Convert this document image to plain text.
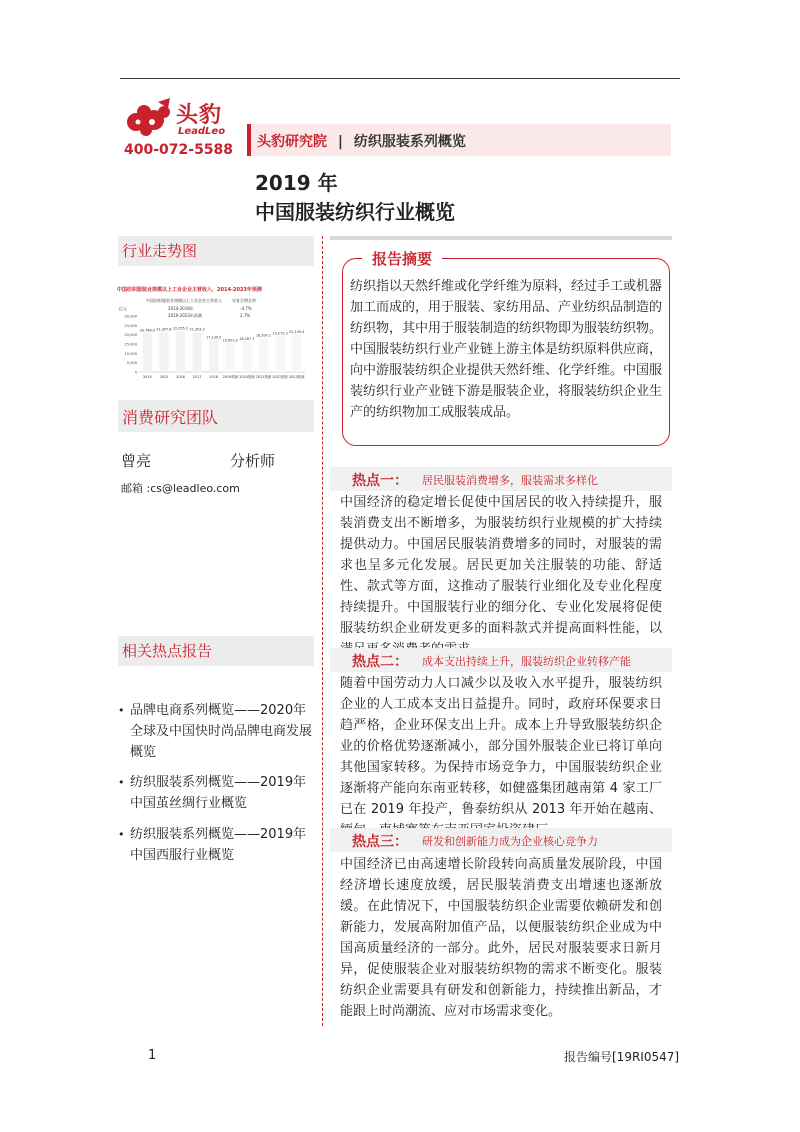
头豹
LeadLeo
400-072-5588 头豹研究院 | 纺织服装系列概览
2019 年
中国服装纺织行业概览
行业走势图
中国纺织服装业规模以上工业企业主营收入，2014-2023年预测
中国纺织服装业规模以上工业企业主营收入	年复合增长率
2014-2018年
2019-2023年预测
-4.7%
2.7%
亿元
30,000
25,000
20,000
15,000
10,000
5,000
0
20,768.9
2014
21,307.6
2015
22,055.2
2016
21,303.3
2017
17,139.9
2018
15,601.0
2019预测
16,267.7
2020预测
18,200.1
2021预测
19,272.3
2022预测
20,149.4
2023预测
消费研究团队
曾亮	分析师
邮箱 :cs@leadleo.com
相关热点报告
• 品牌电商系列概览——2020年全球及中国快时尚品牌电商发展概览
• 纺织服装系列概览——2019年中国茧丝绸行业概览
• 纺织服装系列概览——2019年中国西服行业概览
报告摘要
纺织指以天然纤维或化学纤维为原料，经过手工或机器加工而成的，用于服装、家纺用品、产业纺织品制造的纺织物，其中用于服装制造的纺织物即为服装纺织物。中国服装纺织行业产业链上游主体是纺织原料供应商，向中游服装纺织企业提供天然纤维、化学纤维。中国服装纺织行业产业链下游是服装企业，将服装纺织企业生产的纺织物加工成服装成品。
热点一： 居民服装消费增多，服装需求多样化
中国经济的稳定增长促使中国居民的收入持续提升，服装消费支出不断增多，为服装纺织行业规模的扩大持续提供动力。中国居民服装消费增多的同时，对服装的需求也呈多元化发展。居民更加关注服装的功能、舒适性、款式等方面，这推动了服装行业细化及专业化程度持续提升。中国服装行业的细分化、专业化发展将促使服装纺织企业研发更多的面料款式并提高面料性能，以
热点二： 成本支出持续上升，服装纺织企业转移产能
随着中国劳动力人口减少以及收入水平提升，服装纺织企业的人工成本支出日益提升。同时，政府环保要求日趋严格，企业环保支出上升。成本上升导致服装纺织企业的价格优势逐渐减小，部分国外服装企业已将订单向其他国家转移。为保持市场竞争力，中国服装纺织企业逐渐将产能向东南亚转移，如健盛集团越南第 4 家工厂已在 2019 年投产，鲁泰纺织从 2013 年开始在越南、
热点三： 研发和创新能力成为企业核心竞争力
中国经济已由高速增长阶段转向高质量发展阶段，中国经济增长速度放缓，居民服装消费支出增速也逐渐放缓。在此情况下，中国服装纺织企业需要依赖研发和创新能力，发展高附加值产品，以便服装纺织企业成为中国高质量经济的一部分。此外，居民对服装要求日新月异，促使服装企业对服装纺织物的需求不断变化。服装纺织企业需要具有研发和创新能力，持续推出新品，才能跟上时尚潮流、应对市场需求变化。
1	报告编号[19RI0547]
